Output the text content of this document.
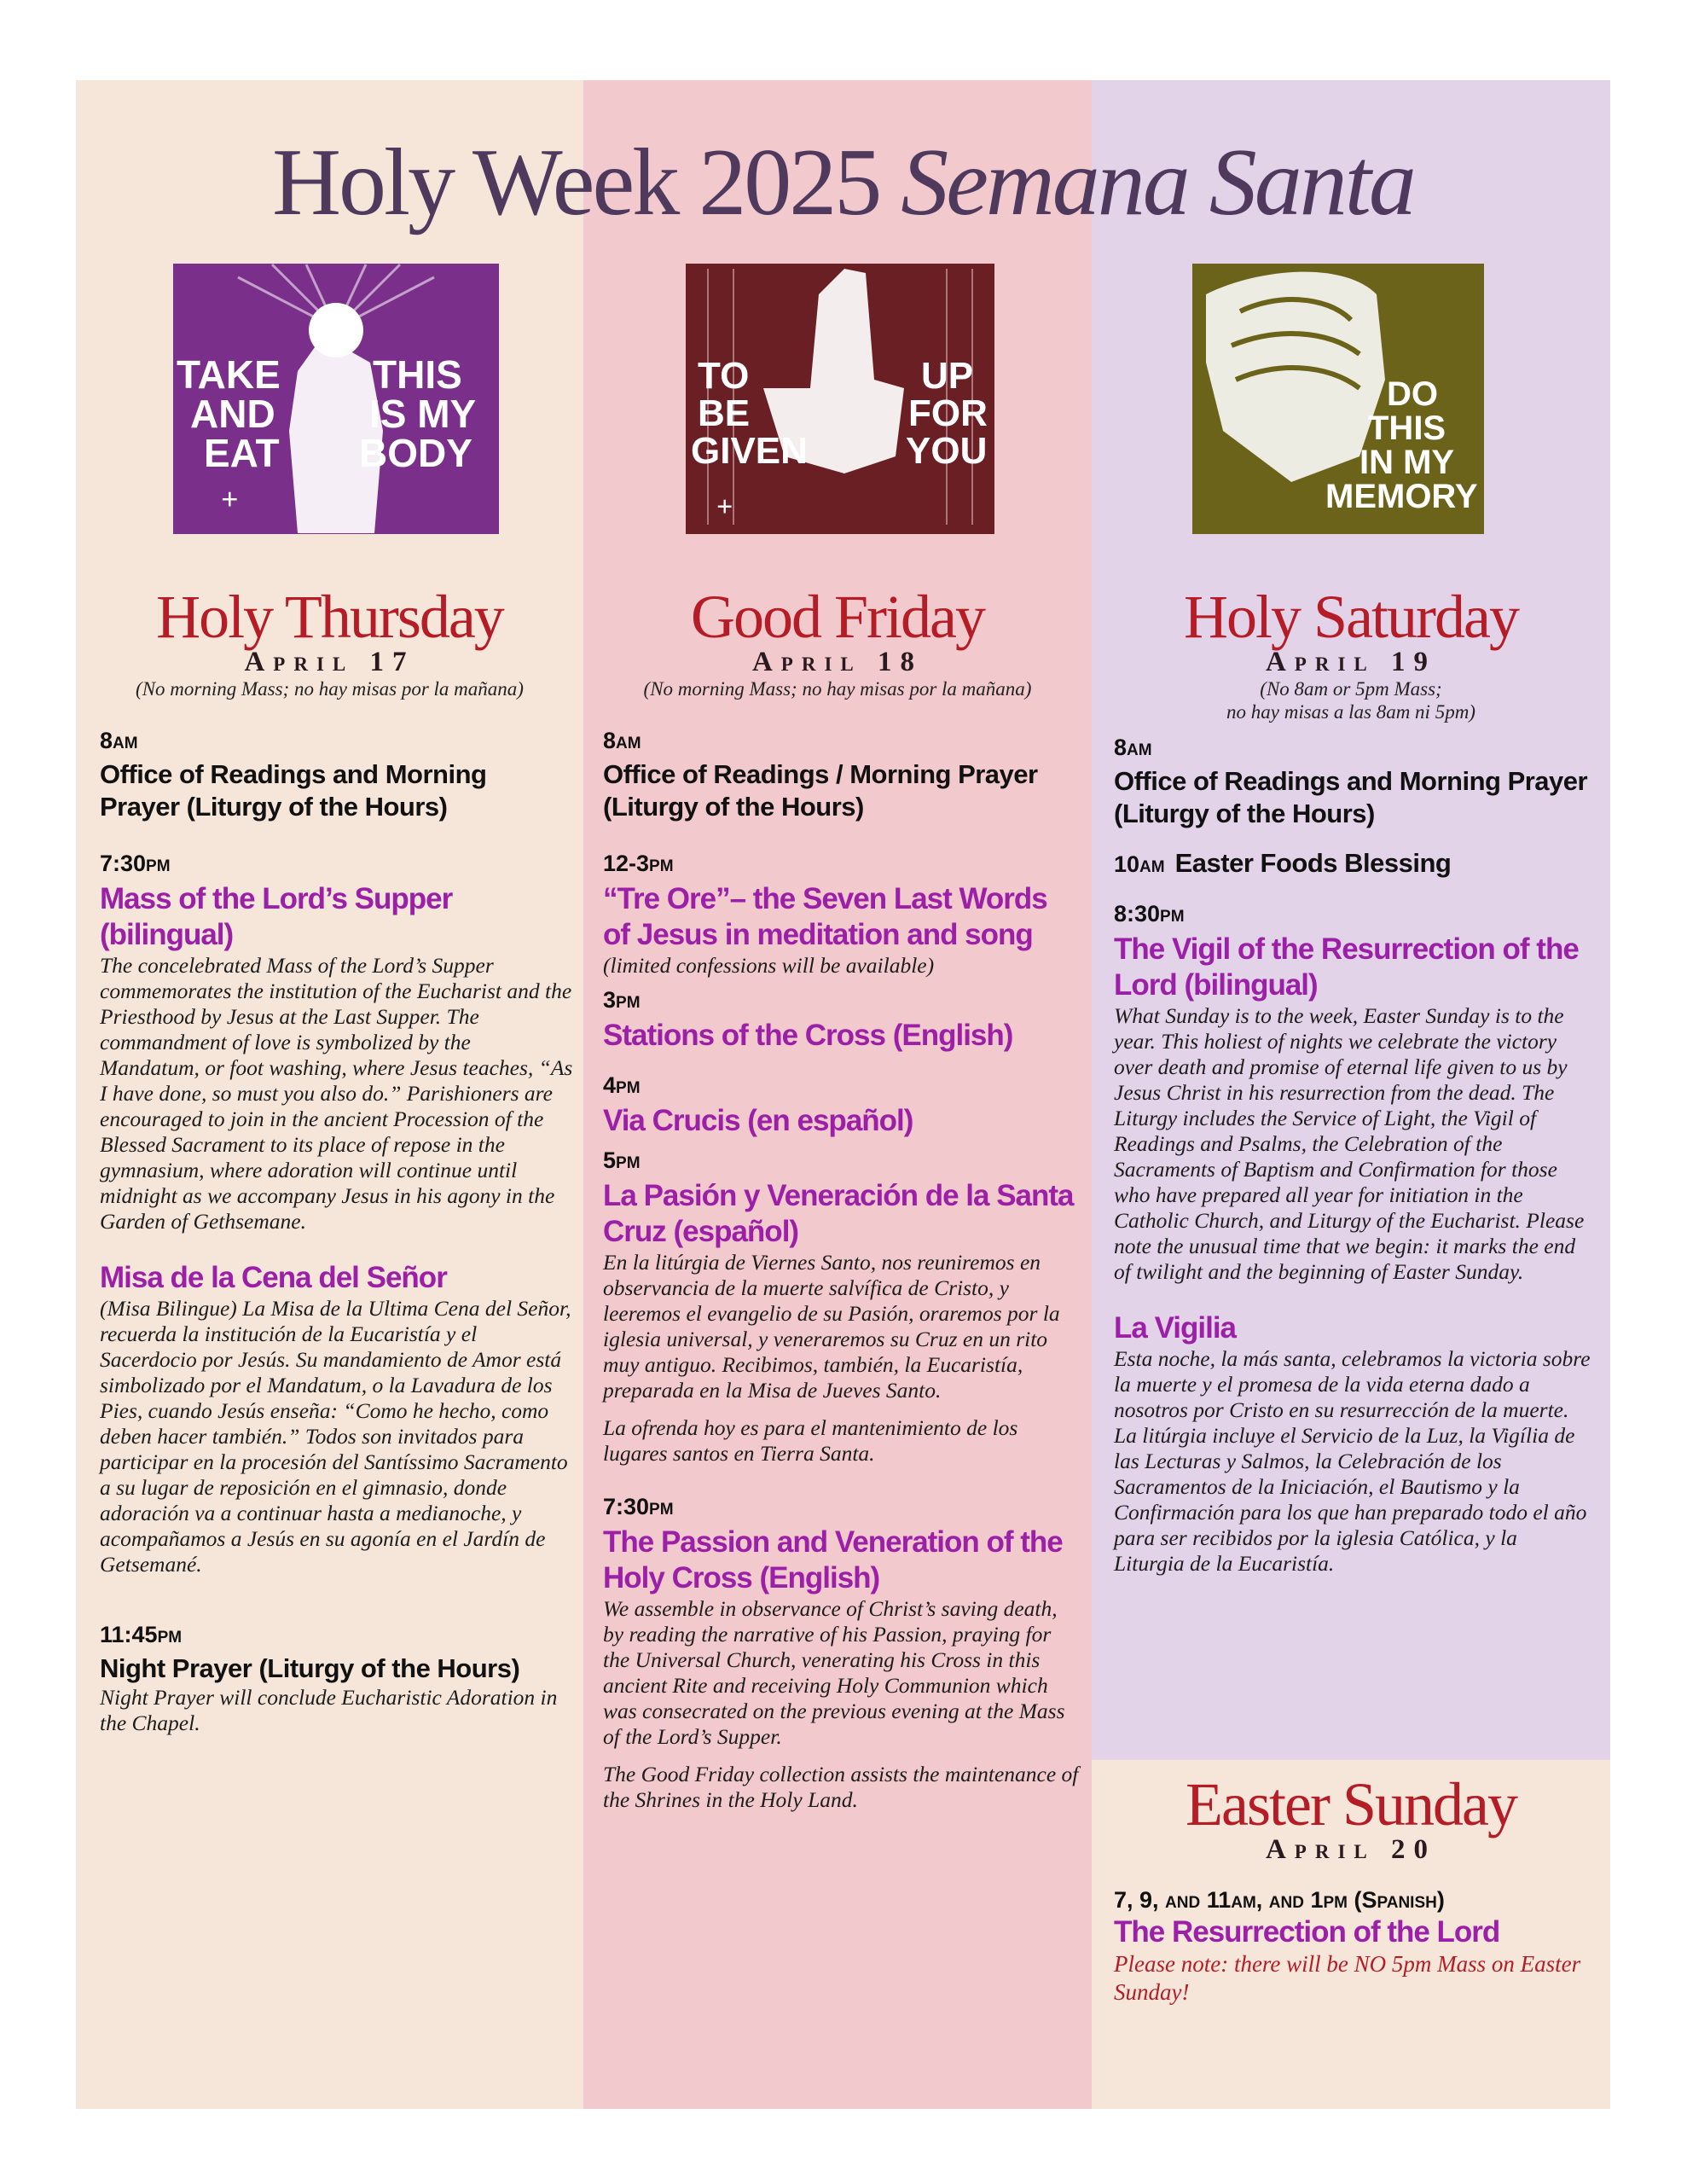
Holy Week 2025 Semana Santa
TAKE AND EAT
THIS IS MY BODY
+
TO BE GIVEN
UP FOR YOU
+
DO THIS IN MY MEMORY
Holy Thursday
April 17
(No morning Mass; no hay misas por la mañana)
Good Friday
April 18
(No morning Mass; no hay misas por la mañana)
Holy Saturday
April 19
(No 8am or 5pm Mass;
no hay misas a las 8am ni 5pm)
8AM
Office of Readings and Morning Prayer (Liturgy of the Hours)
7:30PM
Mass of the Lord’s Supper (bilingual)
The concelebrated Mass of the Lord’s Supper commemorates the institution of the Eucharist and the Priesthood by Jesus at the Last Supper. The commandment of love is symbolized by the Mandatum, or foot washing, where Jesus teaches, “As I have done, so must you also do.” Parishioners are encouraged to join in the ancient Procession of the Blessed Sacrament to its place of repose in the gymnasium, where adoration will continue until midnight as we accompany Jesus in his agony in the Garden of Gethsemane.
Misa de la Cena del Señor
(Misa Bilingue) La Misa de la Ultima Cena del Señor, recuerda la institución de la Eucaristía y el Sacerdocio por Jesús. Su mandamiento de Amor está simbolizado por el Mandatum, o la Lavadura de los Pies, cuando Jesús enseña: “Como he hecho, como deben hacer también.” Todos son invitados para participar en la procesión del Santíssimo Sacramento a su lugar de reposición en el gimnasio, donde adoración va a continuar hasta a medianoche, y acompañamos a Jesús en su agonía en el Jardín de Getsemané.
11:45PM
Night Prayer (Liturgy of the Hours)
Night Prayer will conclude Eucharistic Adoration in the Chapel.
8AM
Office of Readings / Morning Prayer (Liturgy of the Hours)
12-3PM
“Tre Ore”– the Seven Last Words of Jesus in meditation and song
(limited confessions will be available)
3PM
Stations of the Cross (English)
4PM
Via Crucis (en español)
5PM
La Pasión y Veneración de la Santa Cruz (español)
En la litúrgia de Viernes Santo, nos reuniremos en observancia de la muerte salvífica de Cristo, y leeremos el evangelio de su Pasión, oraremos por la iglesia universal, y veneraremos su Cruz en un rito muy antiguo. Recibimos, también, la Eucaristía, preparada en la Misa de Jueves Santo.
La ofrenda hoy es para el mantenimiento de los lugares santos en Tierra Santa.
7:30PM
The Passion and Veneration of the Holy Cross (English)
We assemble in observance of Christ’s saving death, by reading the narrative of his Passion, praying for the Universal Church, venerating his Cross in this ancient Rite and receiving Holy Communion which was consecrated on the previous evening at the Mass of the Lord’s Supper.
The Good Friday collection assists the maintenance of the Shrines in the Holy Land.
8AM
Office of Readings and Morning Prayer (Liturgy of the Hours)
10AM Easter Foods Blessing
8:30PM
The Vigil of the Resurrection of the Lord (bilingual)
What Sunday is to the week, Easter Sunday is to the year. This holiest of nights we celebrate the victory over death and promise of eternal life given to us by Jesus Christ in his resurrection from the dead. The Liturgy includes the Service of Light, the Vigil of Readings and Psalms, the Celebration of the Sacraments of Baptism and Confirmation for those who have prepared all year for initiation in the Catholic Church, and Liturgy of the Eucharist. Please note the unusual time that we begin: it marks the end of twilight and the beginning of Easter Sunday.
La Vigilia
Esta noche, la más santa, celebramos la victoria sobre la muerte y el promesa de la vida eterna dado a nosotros por Cristo en su resurrección de la muerte. La litúrgia incluye el Servicio de la Luz, la Vigília de las Lecturas y Salmos, la Celebración de los Sacramentos de la Iniciación, el Bautismo y la Confirmación para los que han preparado todo el año para ser recibidos por la iglesia Católica, y la Liturgia de la Eucaristía.
Easter Sunday
April 20
7, 9, and 11am, and 1pm (Spanish)
The Resurrection of the Lord
Please note: there will be NO 5pm Mass on Easter Sunday!
